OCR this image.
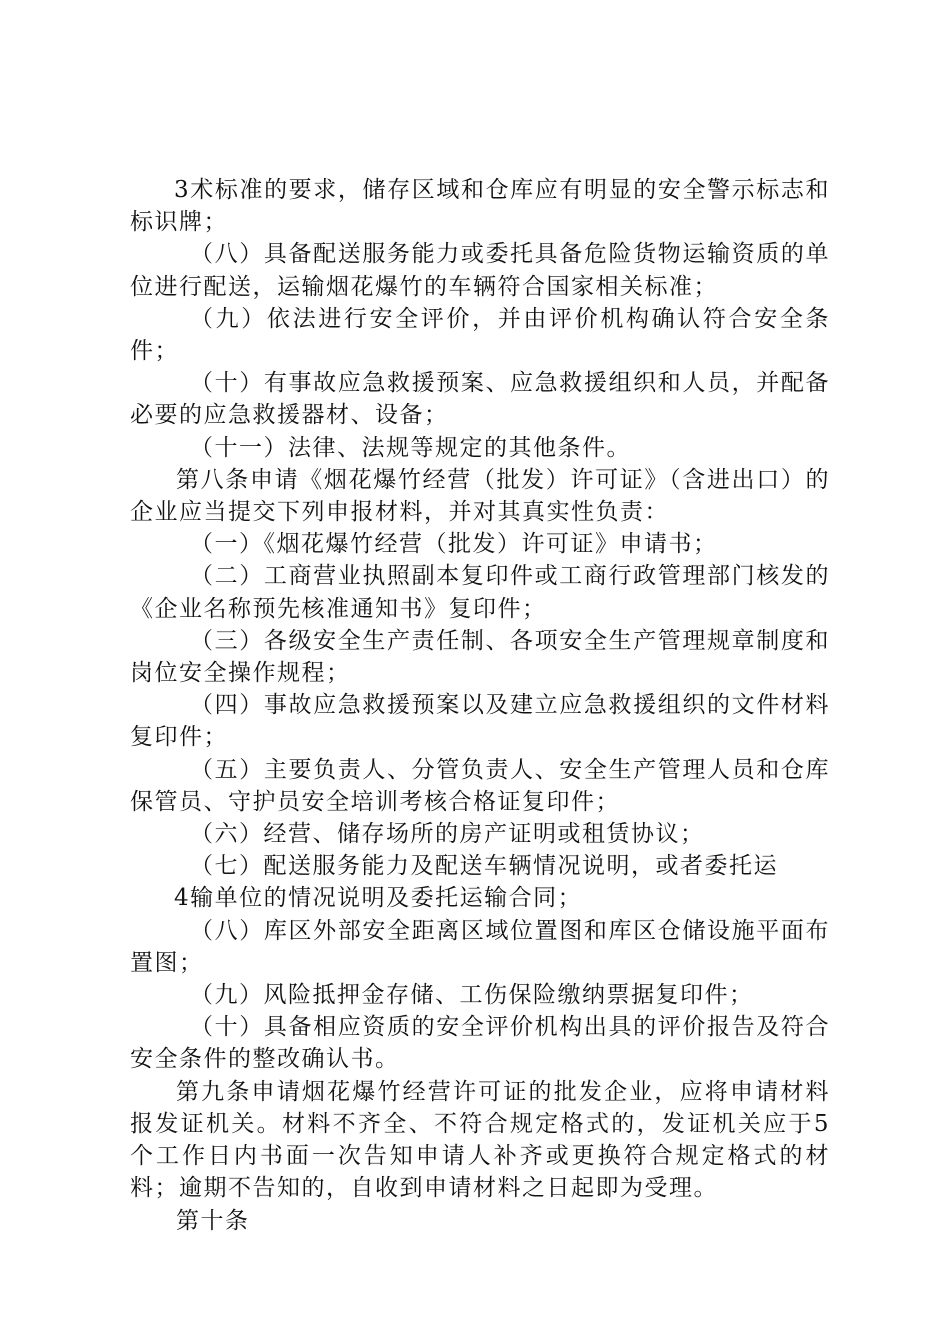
3术标准的要求，储存区域和仓库应有明显的安全警示标志和标识牌；

（八）具备配送服务能力或委托具备危险货物运输资质的单位进行配送，运输烟花爆竹的车辆符合国家相关标准；

（九）依法进行安全评价，并由评价机构确认符合安全条件；

（十）有事故应急救援预案、应急救援组织和人员，并配备必要的应急救援器材、设备；

（十一）法律、法规等规定的其他条件。

第八条申请《烟花爆竹经营（批发）许可证》（含进出口）的企业应当提交下列申报材料，并对其真实性负责：

（一）《烟花爆竹经营（批发）许可证》申请书；

（二）工商营业执照副本复印件或工商行政管理部门核发的《企业名称预先核准通知书》复印件；

（三）各级安全生产责任制、各项安全生产管理规章制度和岗位安全操作规程；

（四）事故应急救援预案以及建立应急救援组织的文件材料复印件；

（五）主要负责人、分管负责人、安全生产管理人员和仓库保管员、守护员安全培训考核合格证复印件；

（六）经营、储存场所的房产证明或租赁协议；

（七）配送服务能力及配送车辆情况说明，或者委托运

4输单位的情况说明及委托运输合同；

（八）库区外部安全距离区域位置图和库区仓储设施平面布置图；

（九）风险抵押金存储、工伤保险缴纳票据复印件；

（十）具备相应资质的安全评价机构出具的评价报告及符合安全条件的整改确认书。

第九条申请烟花爆竹经营许可证的批发企业，应将申请材料报发证机关。材料不齐全、不符合规定格式的，发证机关应于5个工作日内书面一次告知申请人补齐或更换符合规定格式的材料；逾期不告知的，自收到申请材料之日起即为受理。

第十条
